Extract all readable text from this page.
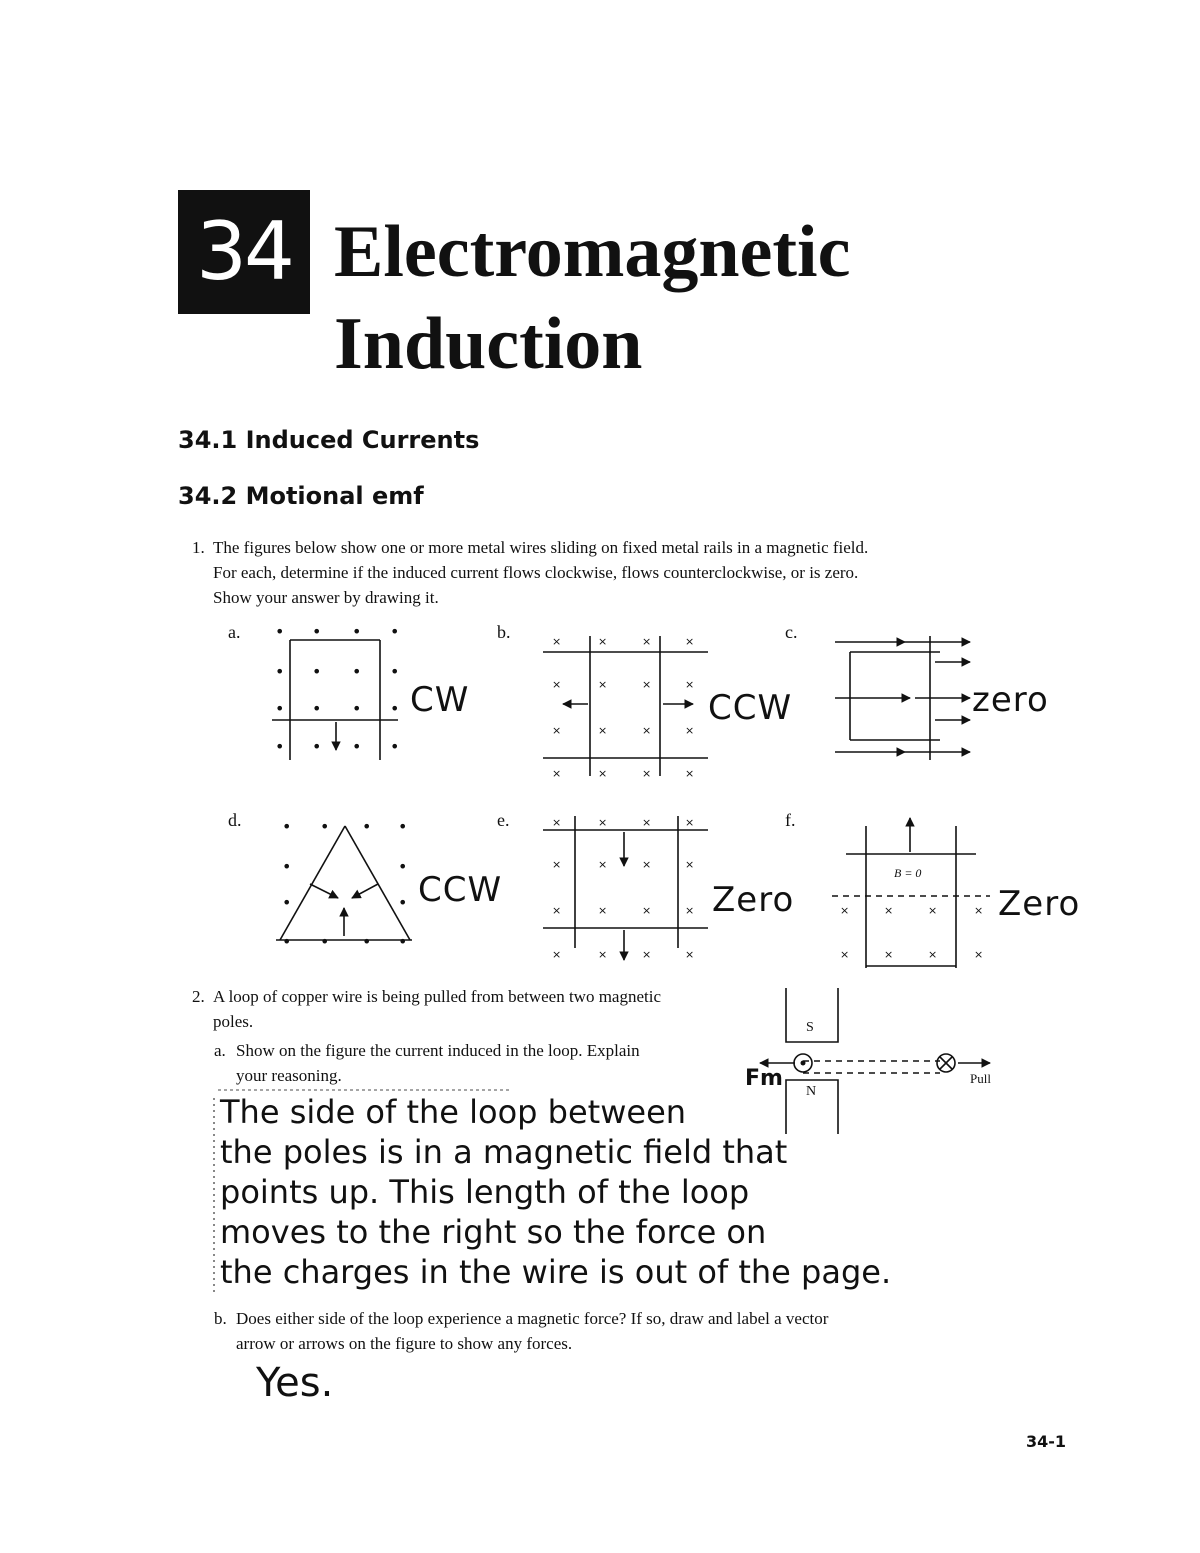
34 Electromagnetic
Induction
34.1 Induced Currents
34.2 Motional emf
1. The figures below show one or more metal wires sliding on fixed metal rails in a magnetic field.
For each, determine if the induced current flows clockwise, flows counterclockwise, or is zero.
Show your answer by drawing it.
a.	b.	c.
d.	e.	f.
• • • •
• • • •
• • • •
• • • •
• • • •
•	•
•	•
• • • •
×	×	×	×
×	×	×	×
×	×	×	×
×	×	×	×
×	×	×	×
×	×	×	×
×	×	×	×
×	×	×	×
×	×	×	×
×	×	×	×
CW	CCW	zero
CCW	Zero	Zero
B = 0
2. A loop of copper wire is being pulled from between two magnetic
poles.
a. Show on the figure the current induced in the loop. Explain
your reasoning.
S
N
Pull
Fm
The side of the loop between
the poles is in a magnetic field that
points up. This length of the loop
moves to the right so the force on
the charges in the wire is out of the page.
b. Does either side of the loop experience a magnetic force? If so, draw and label a vector
arrow or arrows on the figure to show any forces.
Yes.
34-1
